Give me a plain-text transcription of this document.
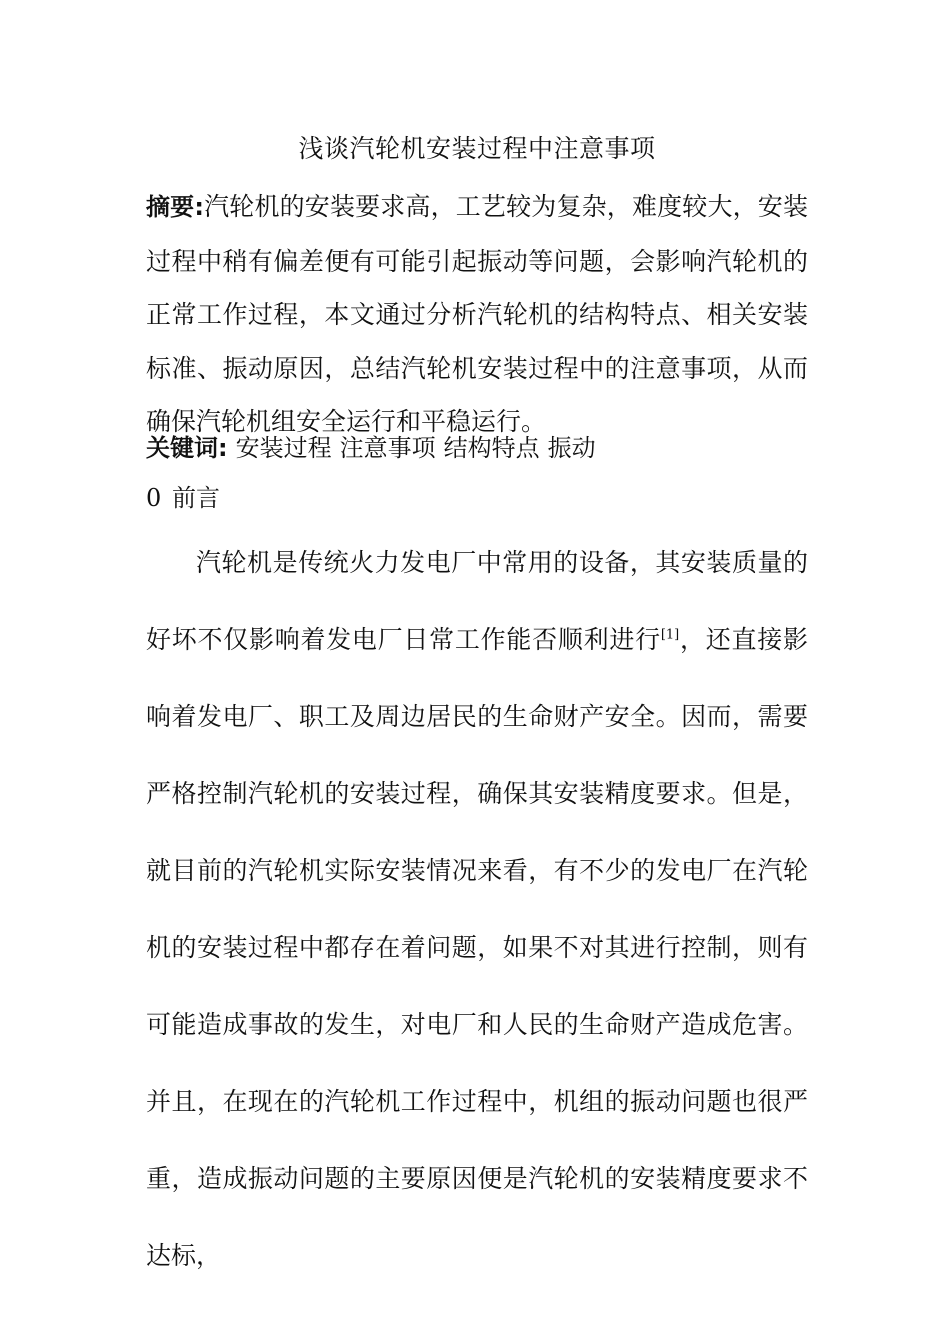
浅谈汽轮机安装过程中注意事项
摘要:汽轮机的安装要求高，工艺较为复杂，难度较大，安装过程中稍有偏差便有可能引起振动等问题，会影响汽轮机的正常工作过程，本文通过分析汽轮机的结构特点、相关安装标准、振动原因，总结汽轮机安装过程中的注意事项，从而确保汽轮机组安全运行和平稳运行。
关键词: 安装过程 注意事项 结构特点 振动
0 前言
汽轮机是传统火力发电厂中常用的设备，其安装质量的好坏不仅影响着发电厂日常工作能否顺利进行[1]，还直接影响着发电厂、职工及周边居民的生命财产安全。因而，需要严格控制汽轮机的安装过程，确保其安装精度要求。但是，就目前的汽轮机实际安装情况来看，有不少的发电厂在汽轮机的安装过程中都存在着问题，如果不对其进行控制，则有可能造成事故的发生，对电厂和人民的生命财产造成危害。并且，在现在的汽轮机工作过程中，机组的振动问题也很严重，造成振动问题的主要原因便是汽轮机的安装精度要求不达标，
